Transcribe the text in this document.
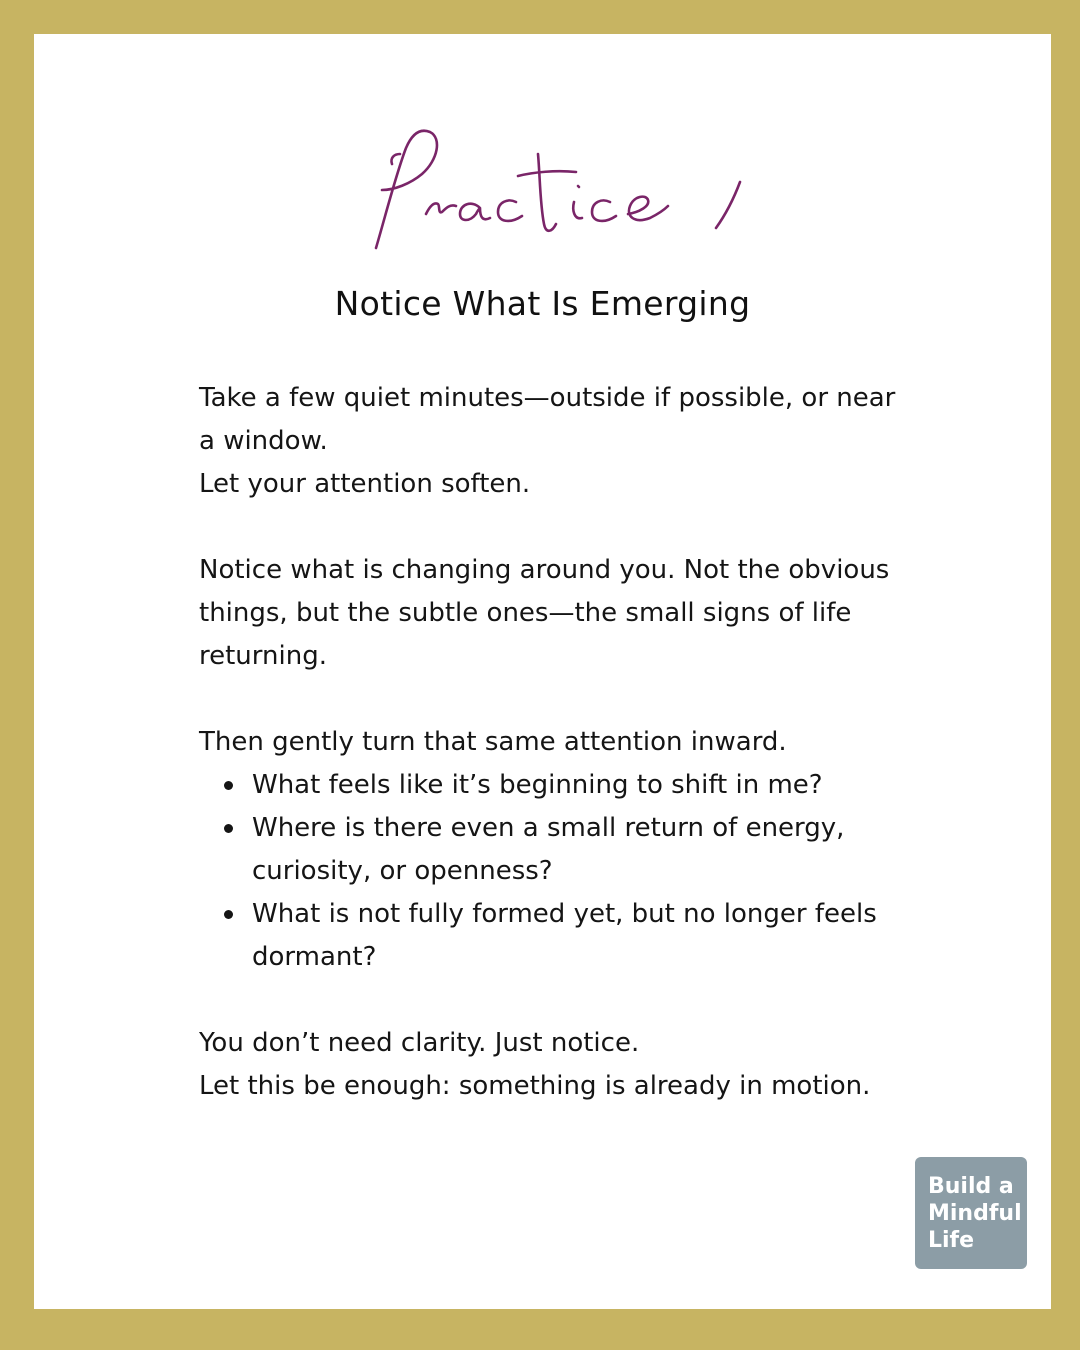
Notice What Is Emerging

Take a few quiet minutes—outside if possible, or near a window.

Let your attention soften.

Notice what is changing around you. Not the obvious things, but the subtle ones—the small signs of life returning.

Then gently turn that same attention inward.

What feels like it’s beginning to shift in me?
Where is there even a small return of energy, curiosity, or openness?
What is not fully formed yet, but no longer feels dormant?

You don’t need clarity. Just notice.

Let this be enough: something is already in motion.

Build a
Mindful
Life
